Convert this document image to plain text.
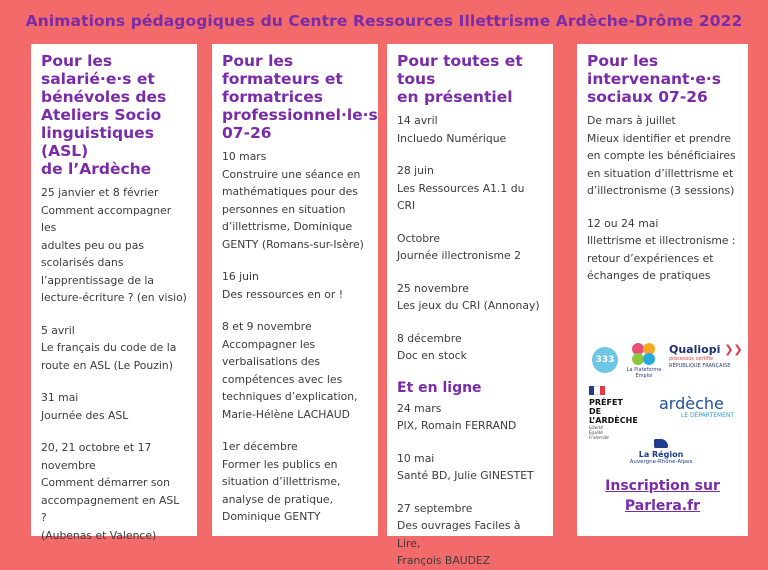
Animations pédagogiques du Centre Ressources Illettrisme Ardèche-Drôme 2022
Pour les
salarié·e·s et
bénévoles des
Ateliers Socio
linguistiques (ASL)
de l’Ardèche
25 janvier et 8 février
Comment accompagner les
adultes peu ou pas
scolarisés dans
l’apprentissage de la
lecture-écriture ? (en visio)
5 avril
Le français du code de la
route en ASL (Le Pouzin)
31 mai
Journée des ASL
20, 21 octobre et 17
novembre
Comment démarrer son
accompagnement en ASL ?
(Aubenas et Valence)
Pour les
formateurs et
formatrices
professionnel·le·s
07-26
10 mars
Construire une séance en
mathématiques pour des
personnes en situation
d’illettrisme, Dominique
GENTY (Romans-sur-Isère)
16 juin
Des ressources en or !
8 et 9 novembre
Accompagner les
verbalisations des
compétences avec les
techniques d’explication,
Marie-Hélène LACHAUD
1er décembre
Former les publics en
situation d’illettrisme,
analyse de pratique,
Dominique GENTY
Pour toutes et tous
en présentiel
14 avril
Incluedo Numérique
28 juin
Les Ressources A1.1 du CRI
Octobre
Journée illectronisme 2
25 novembre
Les jeux du CRI (Annonay)
8 décembre
Doc en stock
Et en ligne
24 mars
PIX, Romain FERRAND
10 mai
Santé BD, Julie GINESTET
27 septembre
Des ouvrages Faciles à Lire,
François BAUDEZ
Pour les
intervenant·e·s
sociaux 07-26
De mars à juillet
Mieux identifier et prendre
en compte les bénéficiaires
en situation d’illettrisme et
d’illectronisme (3 sessions)
12 ou 24 mai
Illettrisme et illectronisme :
retour d’expériences et
échanges de pratiques
333
La Plateforme
Emploi
Qualiopi ❯❯
processus certifié
RÉPUBLIQUE FRANÇAISE
PRÉFET
DE L’ARDÈCHE
Liberté
Égalité
Fraternité
ardèche
LE DÉPARTEMENT
La Région
Auvergne-Rhône-Alpes
Inscription sur
Parlera.fr
